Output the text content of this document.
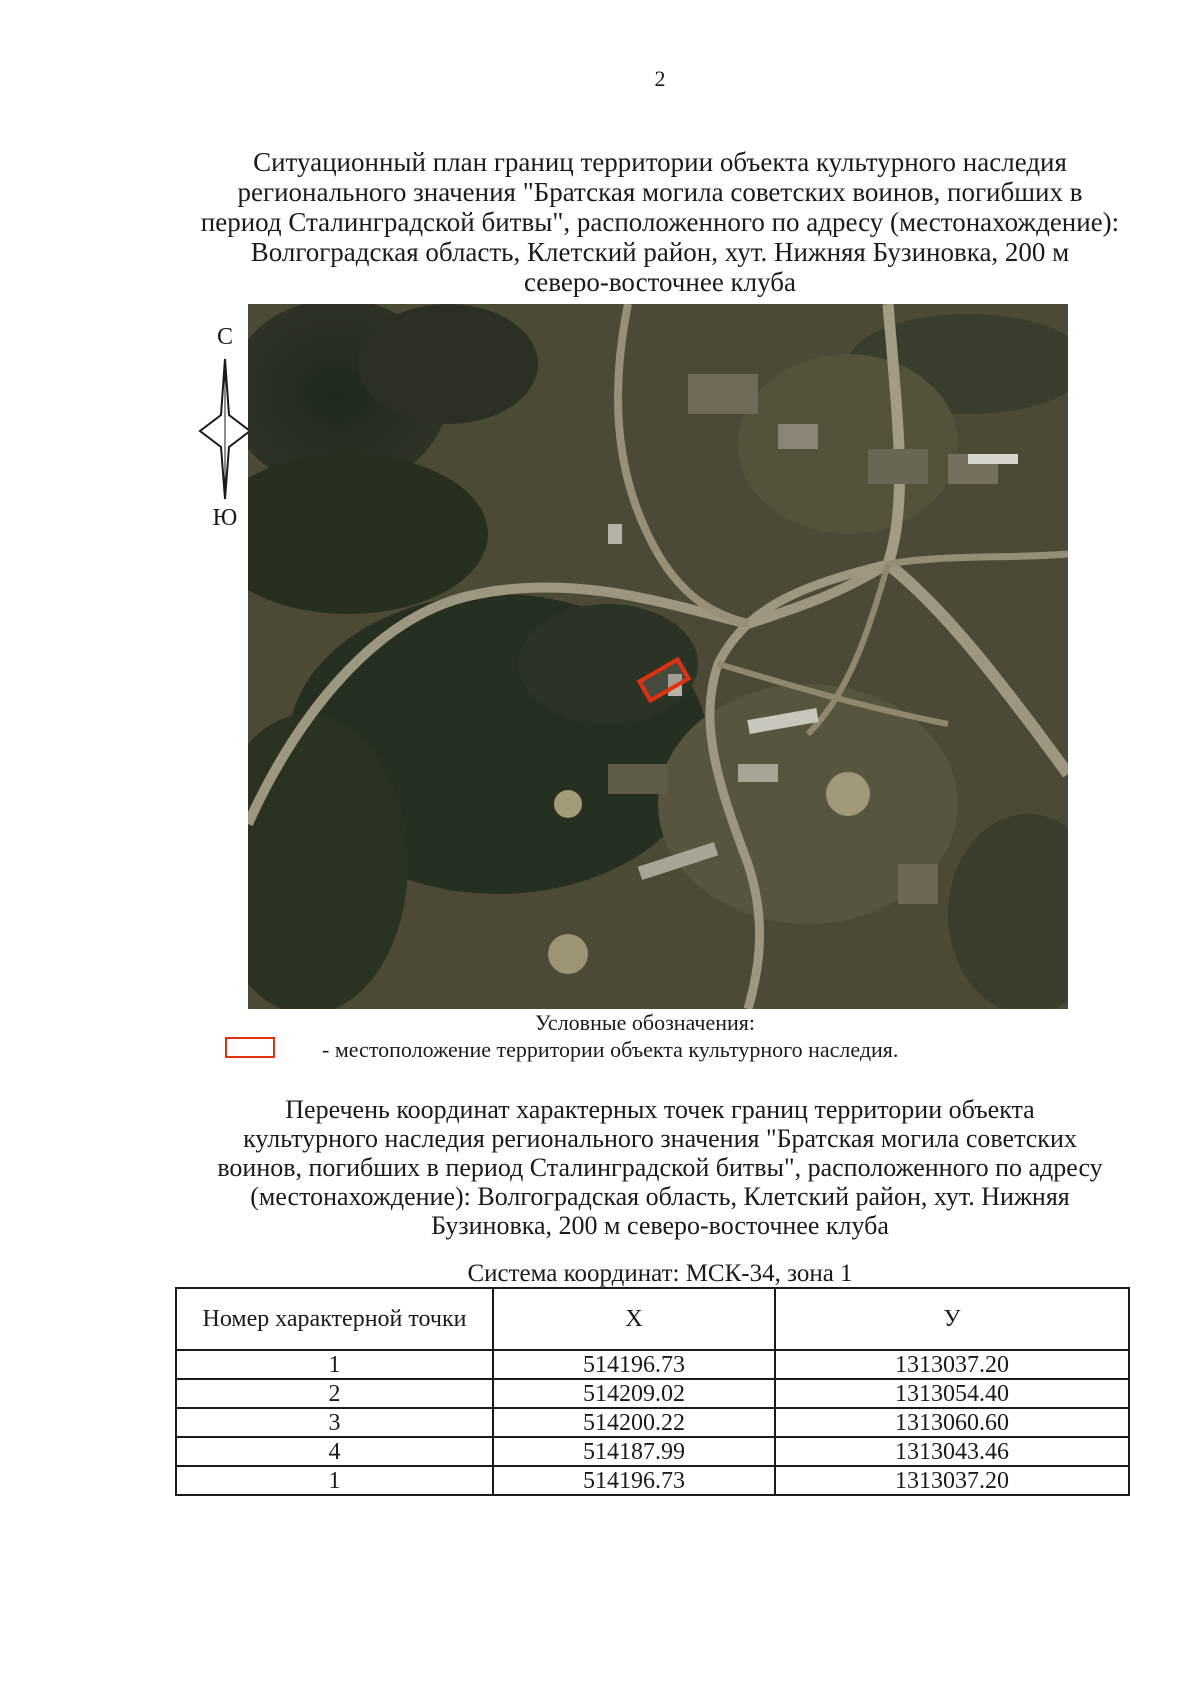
2
Ситуационный план границ территории объекта культурного наследия
регионального значения "Братская могила советских воинов, погибших в
период Сталинградской битвы", расположенного по адресу (местонахождение):
Волгоградская область, Клетский район, хут. Нижняя Бузиновка, 200 м
северо-восточнее клуба
С
Ю
Условные обозначения:
- местоположение территории объекта культурного наследия.
Перечень координат характерных точек границ территории объекта
культурного наследия регионального значения "Братская могила советских
воинов, погибших в период Сталинградской битвы", расположенного по адресу
(местонахождение): Волгоградская область, Клетский район, хут. Нижняя
Бузиновка, 200 м северо-восточнее клуба
Система координат: МСК-34, зона 1
Номер характерной точки	X	У
1	514196.73	1313037.20
2	514209.02	1313054.40
3	514200.22	1313060.60
4	514187.99	1313043.46
1	514196.73	1313037.20
